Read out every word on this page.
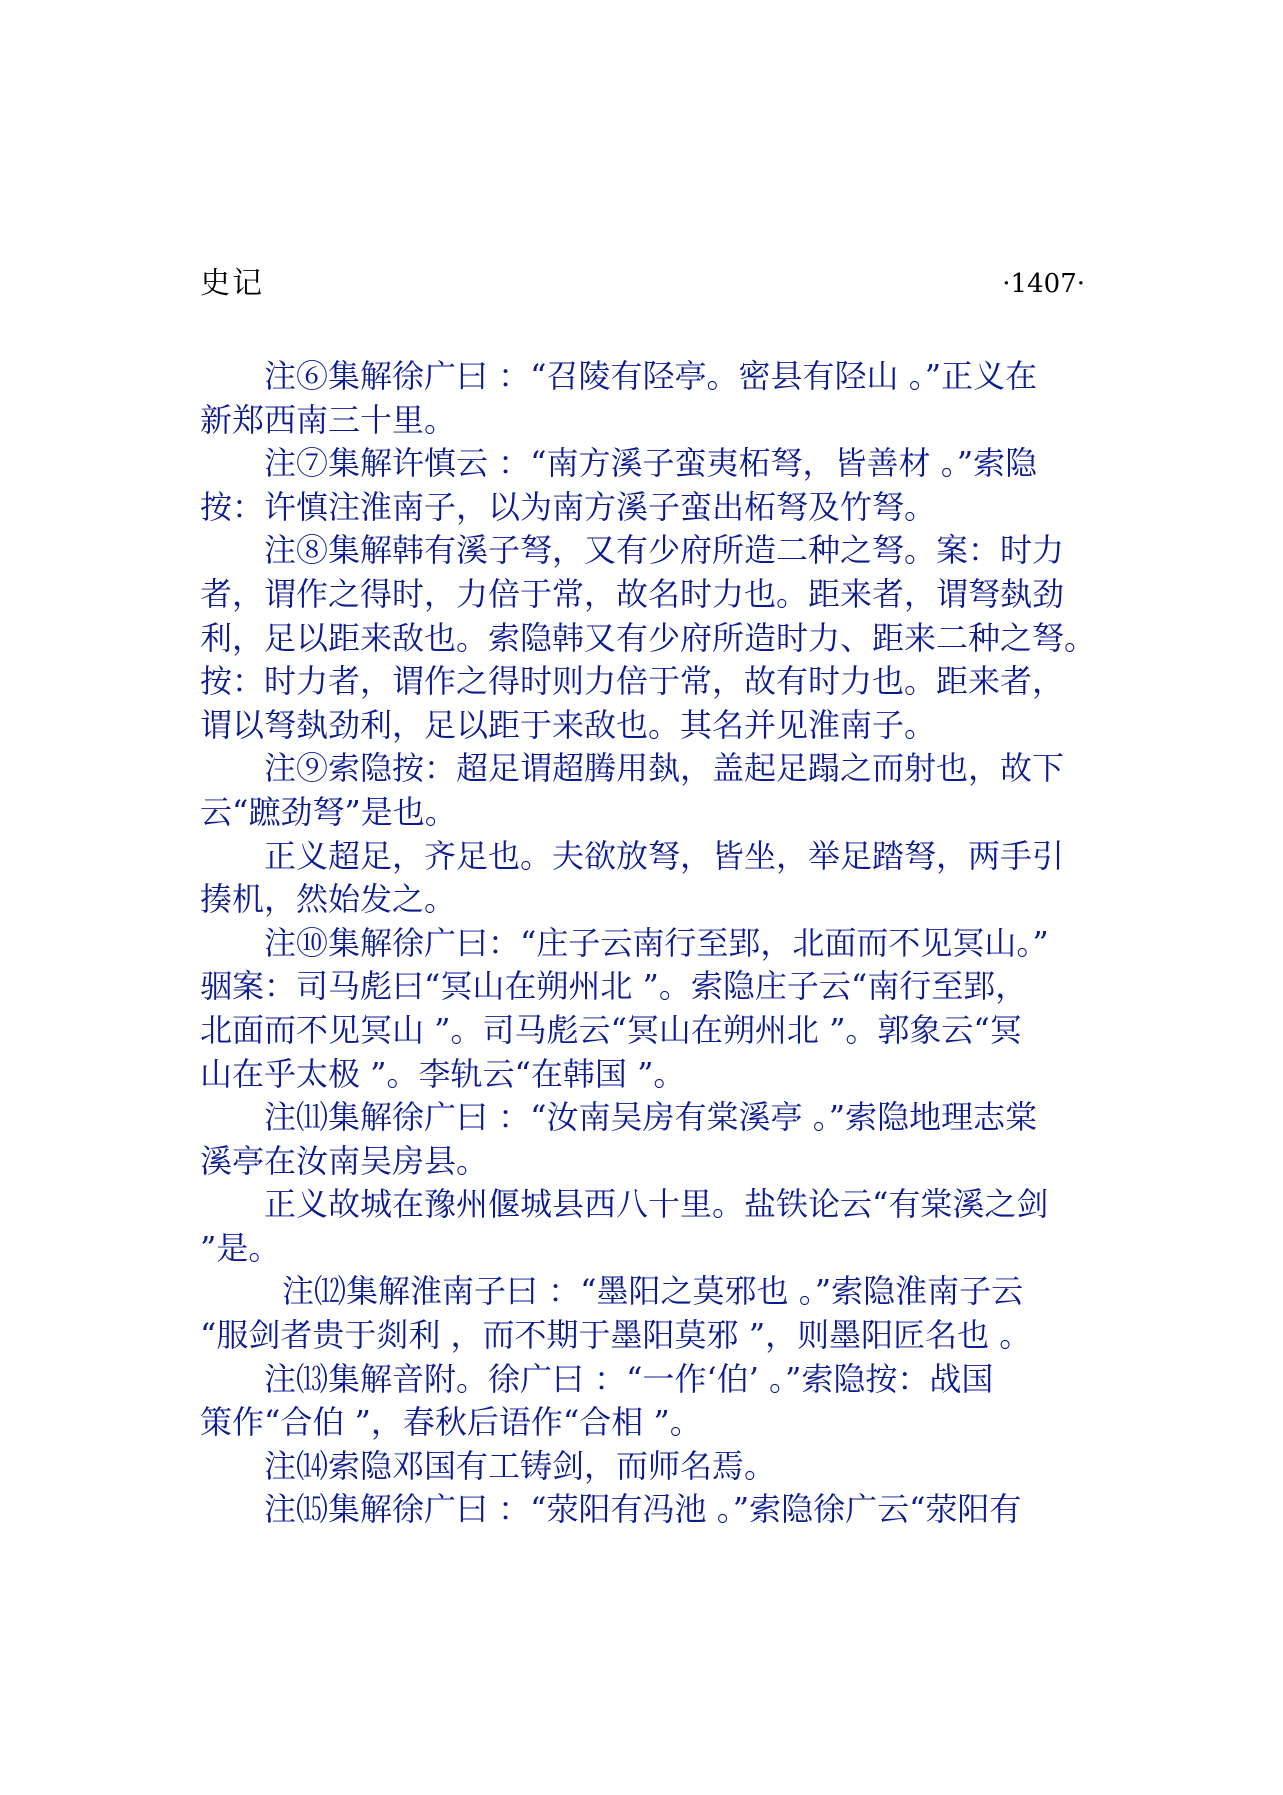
史记	·1407·
注⑥集解徐广曰 ：“召陵有陉亭。密县有陉山 。”正义在
新郑西南三十里。
注⑦集解许慎云 ：“南方溪子蛮夷柘弩，皆善材 。”索隐
按：许慎注淮南子，以为南方溪子蛮出柘弩及竹弩。
注⑧集解韩有溪子弩，又有少府所造二种之弩。案：时力
者，谓作之得时，力倍于常，故名时力也。距来者，谓弩埶劲
利，足以距来敌也。索隐韩又有少府所造时力、距来二种之弩。
按：时力者，谓作之得时则力倍于常，故有时力也。距来者，
谓以弩埶劲利，足以距于来敌也。其名并见淮南子。
注⑨索隐按：超足谓超腾用埶，盖起足蹋之而射也，故下
云“蹠劲弩”是也。
正义超足，齐足也。夫欲放弩，皆坐，举足踏弩，两手引
揍机，然始发之。
注⑩集解徐广曰：“庄子云南行至郢，北面而不见冥山。”
骃案：司马彪曰“冥山在朔州北 ”。索隐庄子云“南行至郢，
北面而不见冥山 ”。司马彪云“冥山在朔州北 ”。郭象云“冥
山在乎太极 ”。李轨云“在韩国 ”。
注⑾集解徐广曰 ：“汝南吴房有棠溪亭 。”索隐地理志棠
溪亭在汝南吴房县。
正义故城在豫州偃城县西八十里。盐铁论云“有棠溪之剑
”是。
注⑿集解淮南子曰 ：“墨阳之莫邪也 。”索隐淮南子云
“服剑者贵于剡利 ，而不期于墨阳莫邪 ”，则墨阳匠名也 。
注⒀集解音附。徐广曰 ：“一作‘伯’ 。”索隐按：战国
策作“合伯 ”，春秋后语作“合相 ”。
注⒁索隐邓国有工铸剑，而师名焉。
注⒂集解徐广曰 ：“荥阳有冯池 。”索隐徐广云“荥阳有
